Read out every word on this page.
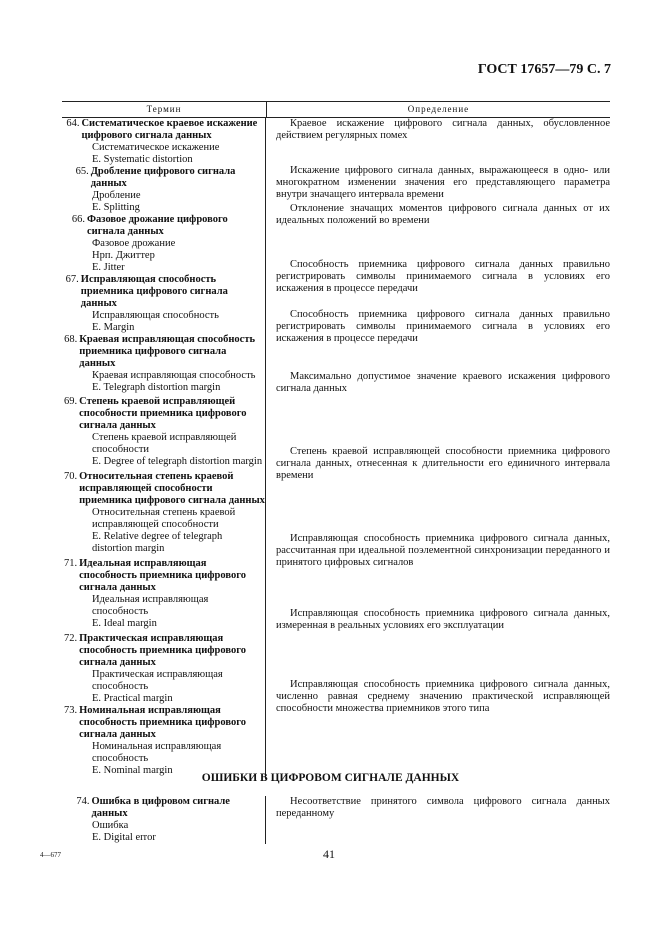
ГОСТ 17657—79 С. 7
Термин	Определение
64. Систематическое краевое искажение цифрового сигнала данных
Систематическое искажение
E. Systematic distortion
65. Дробление цифрового сигнала данных
Дробление
E. Splitting
66. Фазовое дрожание цифрового сигнала данных
Фазовое дрожание
Нрп. Джиттер
E. Jitter
67. Исправляющая способность приемника цифрового сигнала данных
Исправляющая способность
E. Margin
68. Краевая исправляющая способность приемника цифрового сигнала данных
Краевая исправляющая способность
E. Telegraph distortion margin
69. Степень краевой исправляющей способности приемника цифрового сигнала данных
Степень краевой исправляющей способности
E. Degree of telegraph distortion margin
70. Относительная степень краевой исправляющей способности приемника цифрового сигнала данных
Относительная степень краевой исправляющей способности
E. Relative degree of telegraph distortion margin
71. Идеальная исправляющая способность приемника цифрового сигнала данных
Идеальная исправляющая способность
E. Ideal margin
72. Практическая исправляющая способность приемника цифрового сигнала данных
Практическая исправляющая способность
E. Practical margin
73. Номинальная исправляющая способность приемника цифрового сигнала данных
Номинальная исправляющая способность
E. Nominal margin
Краевое искажение цифрового сигнала данных, обусловленное действием регулярных помех
Искажение цифрового сигнала данных, выражающееся в одно- или многократном изменении значения его представляющего параметра внутри значащего интервала времени
Отклонение значащих моментов цифрового сигнала данных от их идеальных положений во времени
Способность приемника цифрового сигнала данных правильно регистрировать символы принимаемого сигнала в условиях его искажения в процессе передачи
Способность приемника цифрового сигнала данных правильно регистрировать символы принимаемого сигнала в условиях его искажения в процессе передачи
Максимально допустимое значение краевого искажения цифрового сигнала данных
Степень краевой исправляющей способности приемника цифрового сигнала данных, отнесенная к длительности его единичного интервала времени
Исправляющая способность приемника цифрового сигнала данных, рассчитанная при идеальной поэлементной синхронизации переданного и принятого цифровых сигналов
Исправляющая способность приемника цифрового сигнала данных, измеренная в реальных условиях его эксплуатации
Исправляющая способность приемника цифрового сигнала данных, численно равная среднему значению практической исправляющей способности множества приемников этого типа
ОШИБКИ В ЦИФРОВОМ СИГНАЛЕ ДАННЫХ
74. Ошибка в цифровом сигнале данных
Ошибка
E. Digital error
Несоответствие принятого символа цифрового сигнала данных переданному
4—677	41
